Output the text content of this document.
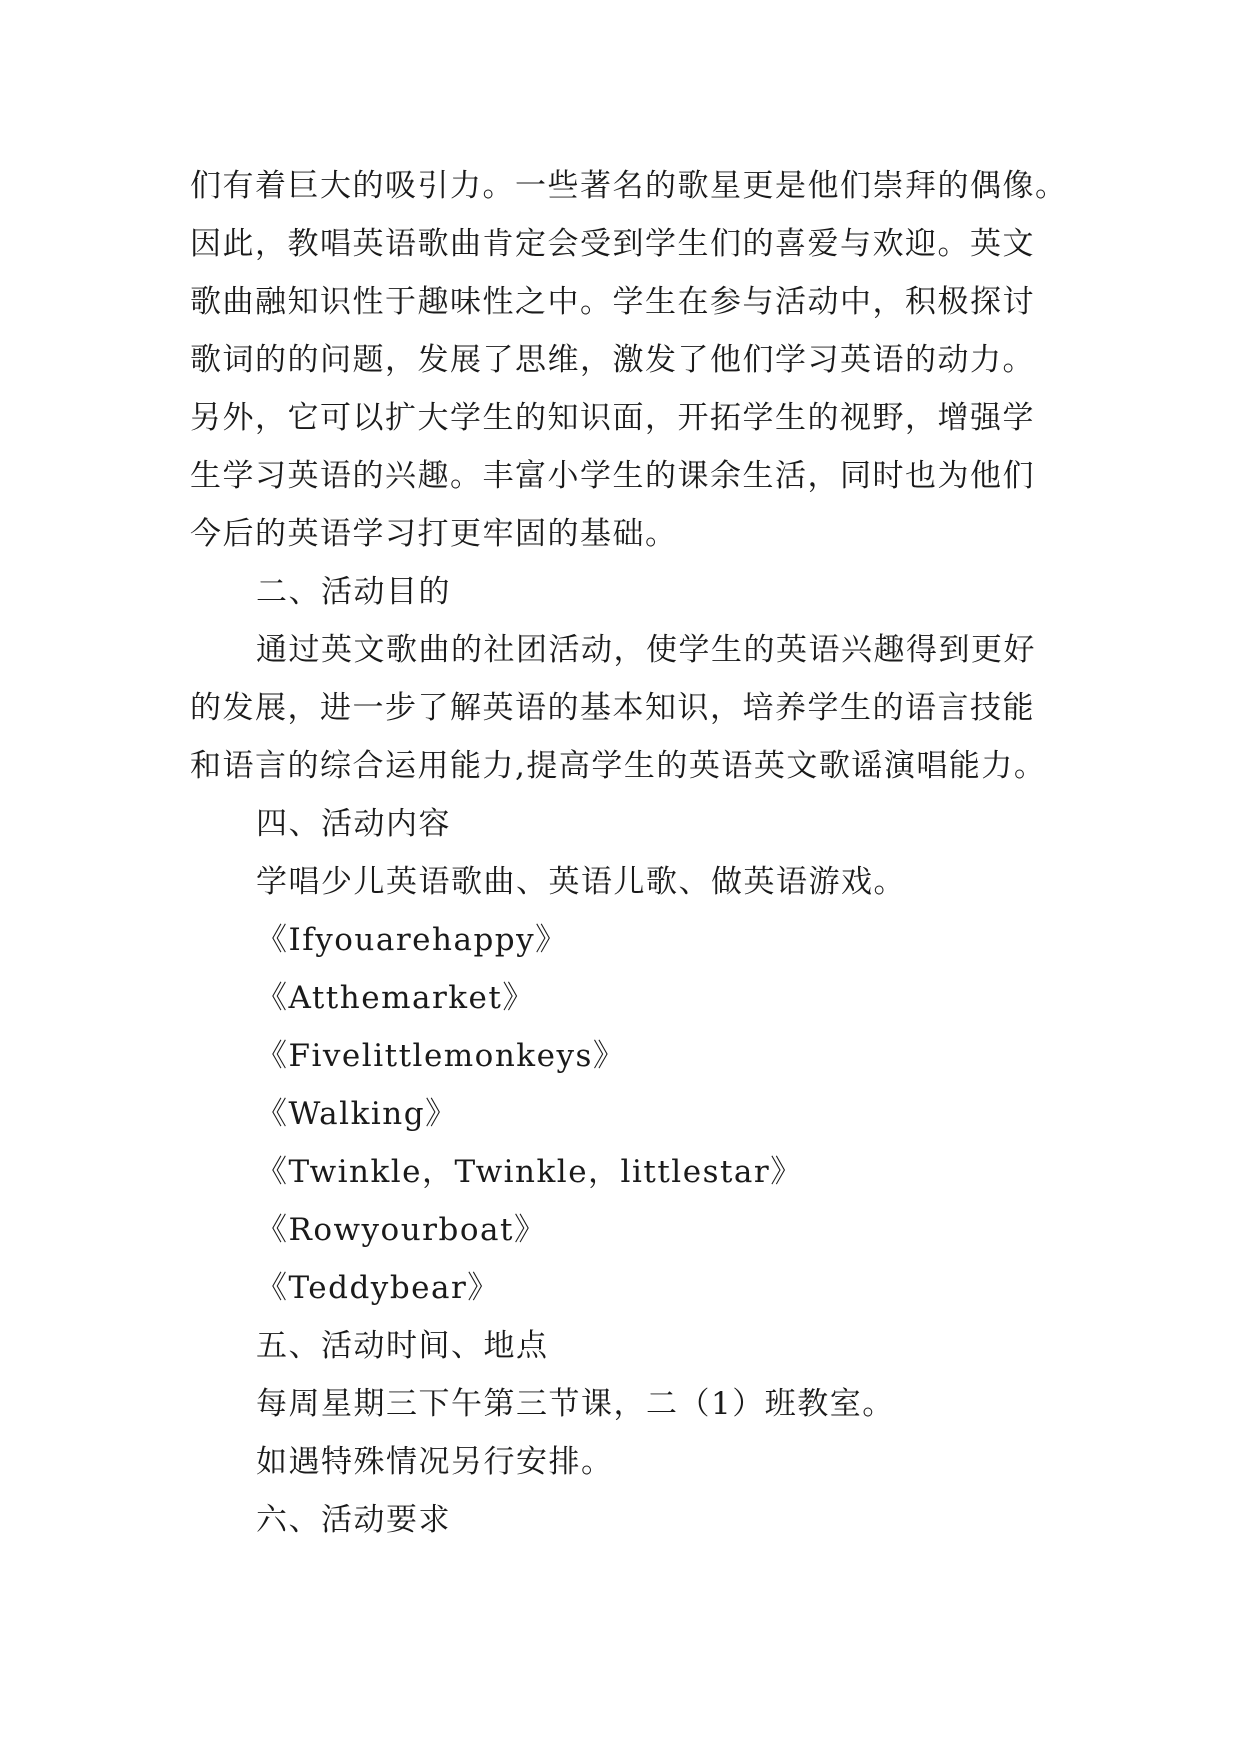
们有着巨大的吸引力。一些著名的歌星更是他们崇拜的偶像。
因此，教唱英语歌曲肯定会受到学生们的喜爱与欢迎。英文
歌曲融知识性于趣味性之中。学生在参与活动中，积极探讨
歌词的的问题，发展了思维，激发了他们学习英语的动力。
另外，它可以扩大学生的知识面，开拓学生的视野，增强学
生学习英语的兴趣。丰富小学生的课余生活，同时也为他们
今后的英语学习打更牢固的基础。
二、活动目的
通过英文歌曲的社团活动，使学生的英语兴趣得到更好
的发展，进一步了解英语的基本知识，培养学生的语言技能
和语言的综合运用能力,提高学生的英语英文歌谣演唱能力。
四、活动内容
学唱少儿英语歌曲、英语儿歌、做英语游戏。
《Ifyouarehappy》
《Atthemarket》
《Fivelittlemonkeys》
《Walking》
《Twinkle，Twinkle，littlestar》
《Rowyourboat》
《Teddybear》
五、活动时间、地点
每周星期三下午第三节课，二（1）班教室。
如遇特殊情况另行安排。
六、活动要求
